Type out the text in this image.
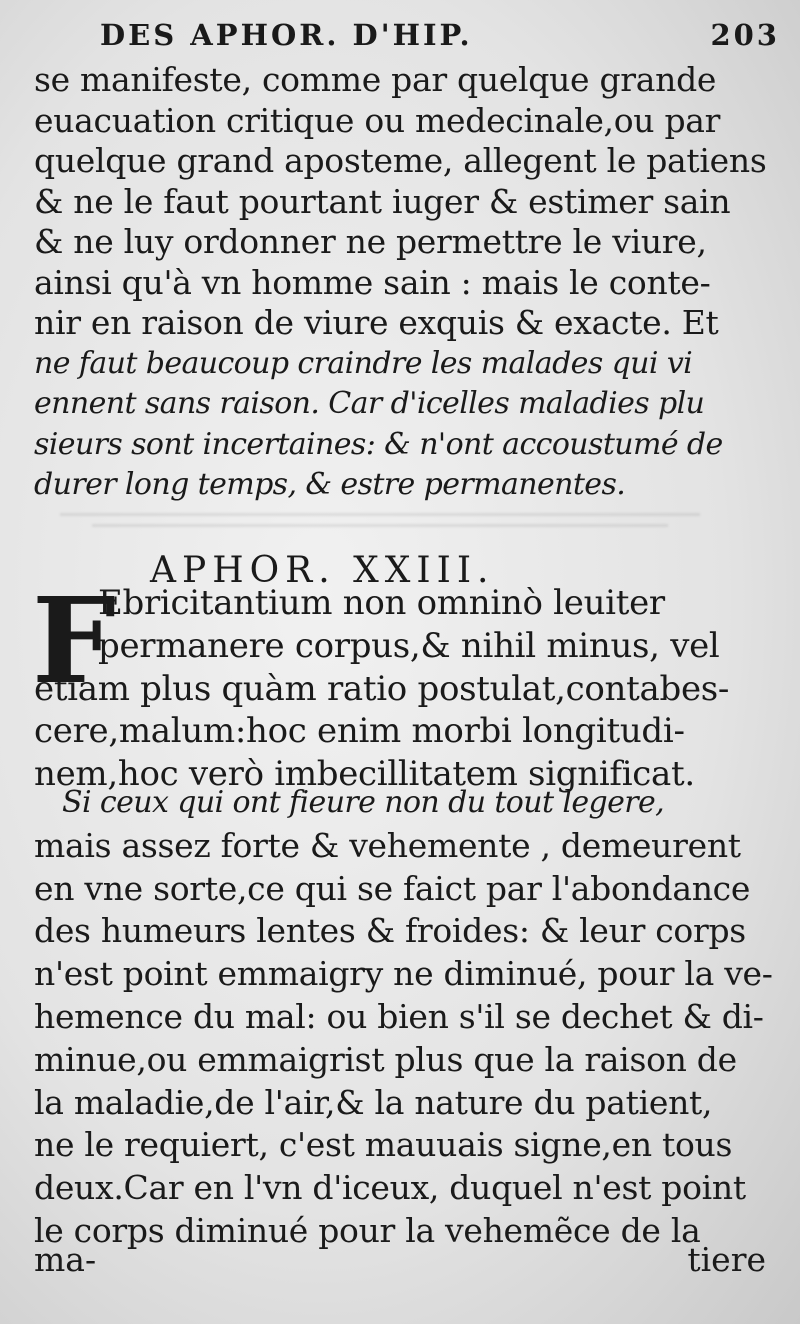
DES APHOR. D'HIP.	203
se manifeste, comme par quelque grande
euacuation critique ou medecinale,ou par
quelque grand aposteme, allegent le patiens
& ne le faut pourtant iuger & estimer sain
& ne luy ordonner ne permettre le viure,
ainsi qu'à vn homme sain : mais le conte-
nir en raison de viure exquis & exacte. Et
ne faut beaucoup craindre les malades qui vi
ennent sans raison. Car d'icelles maladies plu
sieurs sont incertaines: & n'ont accoustumé de
durer long temps, & estre permanentes.
APHOR. XXIII.
F
Ebricitantium non omninò leuiter
permanere corpus,& nihil minus, vel
etiam plus quàm ratio postulat,contabes-
cere,malum:hoc enim morbi longitudi-
nem,hoc verò imbecillitatem significat.
Si ceux qui ont fieure non du tout legere,
mais assez forte & vehemente , demeurent
en vne sorte,ce qui se faict par l'abondance
des humeurs lentes & froides: & leur corps
n'est point emmaigry ne diminué, pour la ve-
hemence du mal: ou bien s'il se dechet & di-
minue,ou emmaigrist plus que la raison de
la maladie,de l'air,& la nature du patient,
ne le requiert, c'est mauuais signe,en tous
deux.Car en l'vn d'iceux, duquel n'est point
le corps diminué pour la vehemẽce de la
ma-	tiere
